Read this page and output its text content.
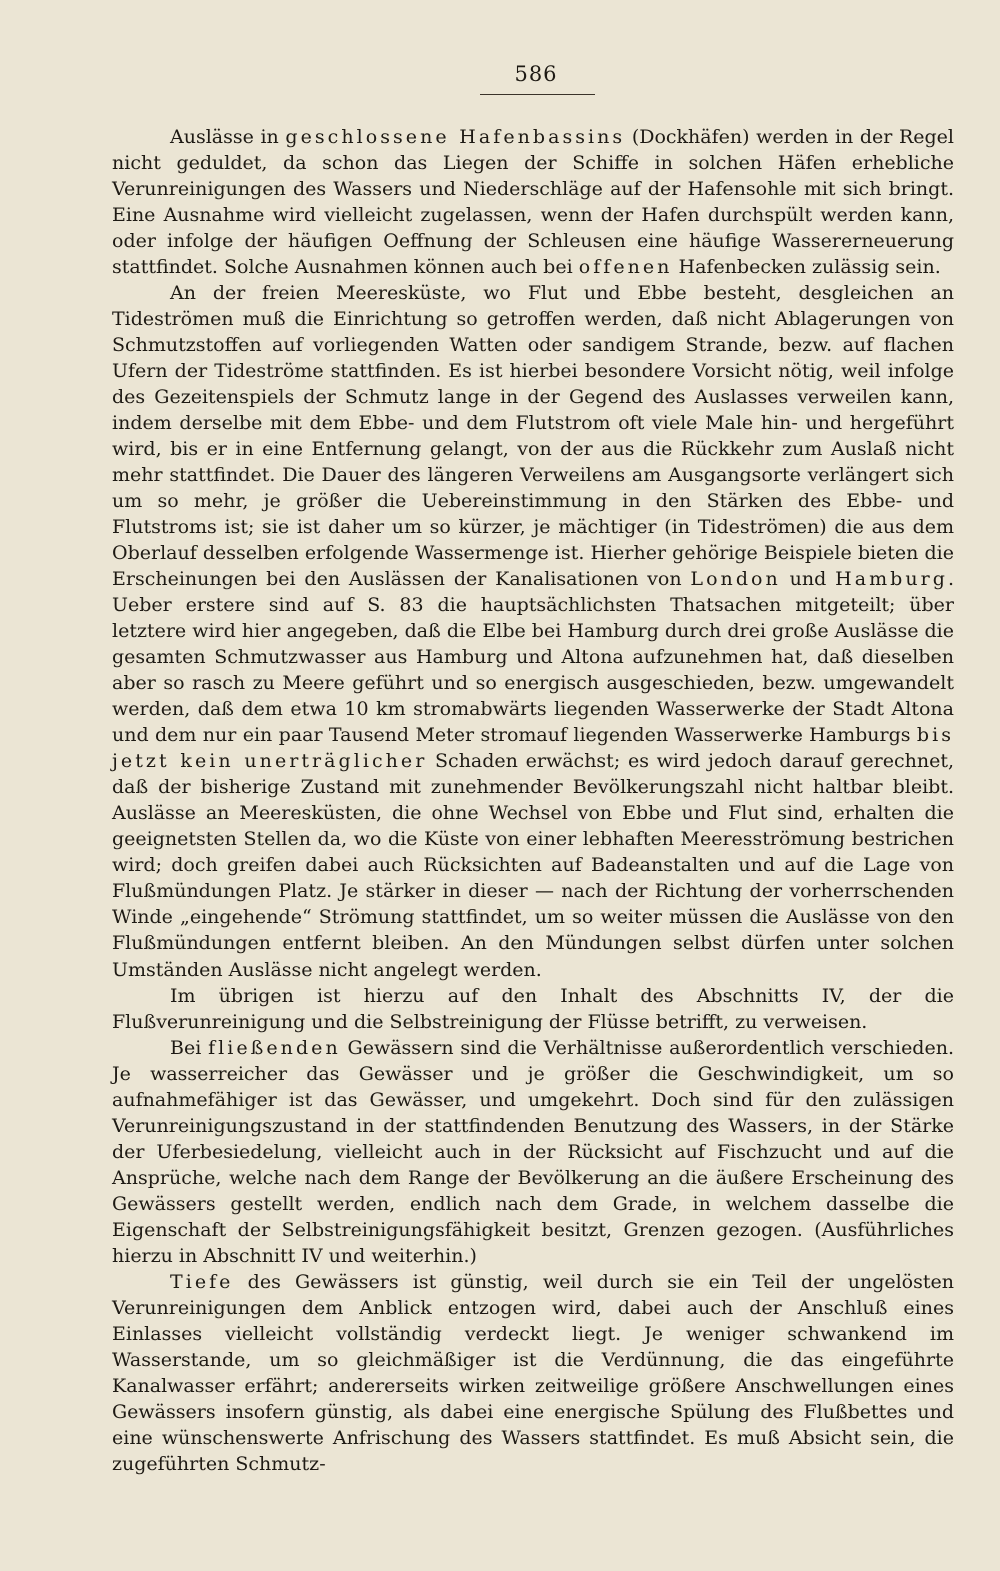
586

Auslässe in geschlossene Hafenbassins (Dockhäfen) werden in der Regel nicht geduldet, da schon das Liegen der Schiffe in solchen Häfen erhebliche Verunreinigungen des Wassers und Niederschläge auf der Hafensohle mit sich bringt. Eine Ausnahme wird vielleicht zugelassen, wenn der Hafen durchspült werden kann, oder infolge der häufigen Oeffnung der Schleusen eine häufige Wassererneuerung stattfindet. Solche Ausnahmen können auch bei offenen Hafenbecken zulässig sein.

An der freien Meeresküste, wo Flut und Ebbe besteht, desgleichen an Tideströmen muß die Einrichtung so getroffen werden, daß nicht Ablagerungen von Schmutzstoffen auf vorliegenden Watten oder sandigem Strande, bezw. auf flachen Ufern der Tideströme stattfinden. Es ist hierbei besondere Vorsicht nötig, weil infolge des Gezeitenspiels der Schmutz lange in der Gegend des Auslasses verweilen kann, indem derselbe mit dem Ebbe- und dem Flutstrom oft viele Male hin- und hergeführt wird, bis er in eine Entfernung gelangt, von der aus die Rückkehr zum Auslaß nicht mehr stattfindet. Die Dauer des längeren Verweilens am Ausgangsorte verlängert sich um so mehr, je größer die Uebereinstimmung in den Stärken des Ebbe- und Flutstroms ist; sie ist daher um so kürzer, je mächtiger (in Tideströmen) die aus dem Oberlauf desselben erfolgende Wassermenge ist. Hierher gehörige Beispiele bieten die Erscheinungen bei den Auslässen der Kanalisationen von London und Hamburg. Ueber erstere sind auf S. 83 die hauptsächlichsten Thatsachen mitgeteilt; über letztere wird hier angegeben, daß die Elbe bei Hamburg durch drei große Auslässe die gesamten Schmutzwasser aus Hamburg und Altona aufzunehmen hat, daß dieselben aber so rasch zu Meere geführt und so energisch ausgeschieden, bezw. umgewandelt werden, daß dem etwa 10 km stromabwärts liegenden Wasserwerke der Stadt Altona und dem nur ein paar Tausend Meter stromauf liegenden Wasserwerke Hamburgs bis jetzt kein unerträglicher Schaden erwächst; es wird jedoch darauf gerechnet, daß der bisherige Zustand mit zunehmender Bevölkerungszahl nicht haltbar bleibt. Auslässe an Meeresküsten, die ohne Wechsel von Ebbe und Flut sind, erhalten die geeignetsten Stellen da, wo die Küste von einer lebhaften Meeresströmung bestrichen wird; doch greifen dabei auch Rücksichten auf Badeanstalten und auf die Lage von Flußmündungen Platz. Je stärker in dieser — nach der Richtung der vorherrschenden Winde „eingehende“ Strömung stattfindet, um so weiter müssen die Auslässe von den Flußmündungen entfernt bleiben. An den Mündungen selbst dürfen unter solchen Umständen Auslässe nicht angelegt werden.

Im übrigen ist hierzu auf den Inhalt des Abschnitts IV, der die Flußverunreinigung und die Selbstreinigung der Flüsse betrifft, zu verweisen.

Bei fließenden Gewässern sind die Verhältnisse außerordentlich verschieden. Je wasserreicher das Gewässer und je größer die Geschwindigkeit, um so aufnahmefähiger ist das Gewässer, und umgekehrt. Doch sind für den zulässigen Verunreinigungszustand in der stattfindenden Benutzung des Wassers, in der Stärke der Uferbesiedelung, vielleicht auch in der Rücksicht auf Fischzucht und auf die Ansprüche, welche nach dem Range der Bevölkerung an die äußere Erscheinung des Gewässers gestellt werden, endlich nach dem Grade, in welchem dasselbe die Eigenschaft der Selbstreinigungsfähigkeit besitzt, Grenzen gezogen. (Ausführliches hierzu in Abschnitt IV und weiterhin.)

Tiefe des Gewässers ist günstig, weil durch sie ein Teil der ungelösten Verunreinigungen dem Anblick entzogen wird, dabei auch der Anschluß eines Einlasses vielleicht vollständig verdeckt liegt. Je weniger schwankend im Wasserstande, um so gleichmäßiger ist die Verdünnung, die das eingeführte Kanalwasser erfährt; andererseits wirken zeitweilige größere Anschwellungen eines Gewässers insofern günstig, als dabei eine energische Spülung des Flußbettes und eine wünschenswerte Anfrischung des Wassers stattfindet. Es muß Absicht sein, die zugeführten Schmutz-
